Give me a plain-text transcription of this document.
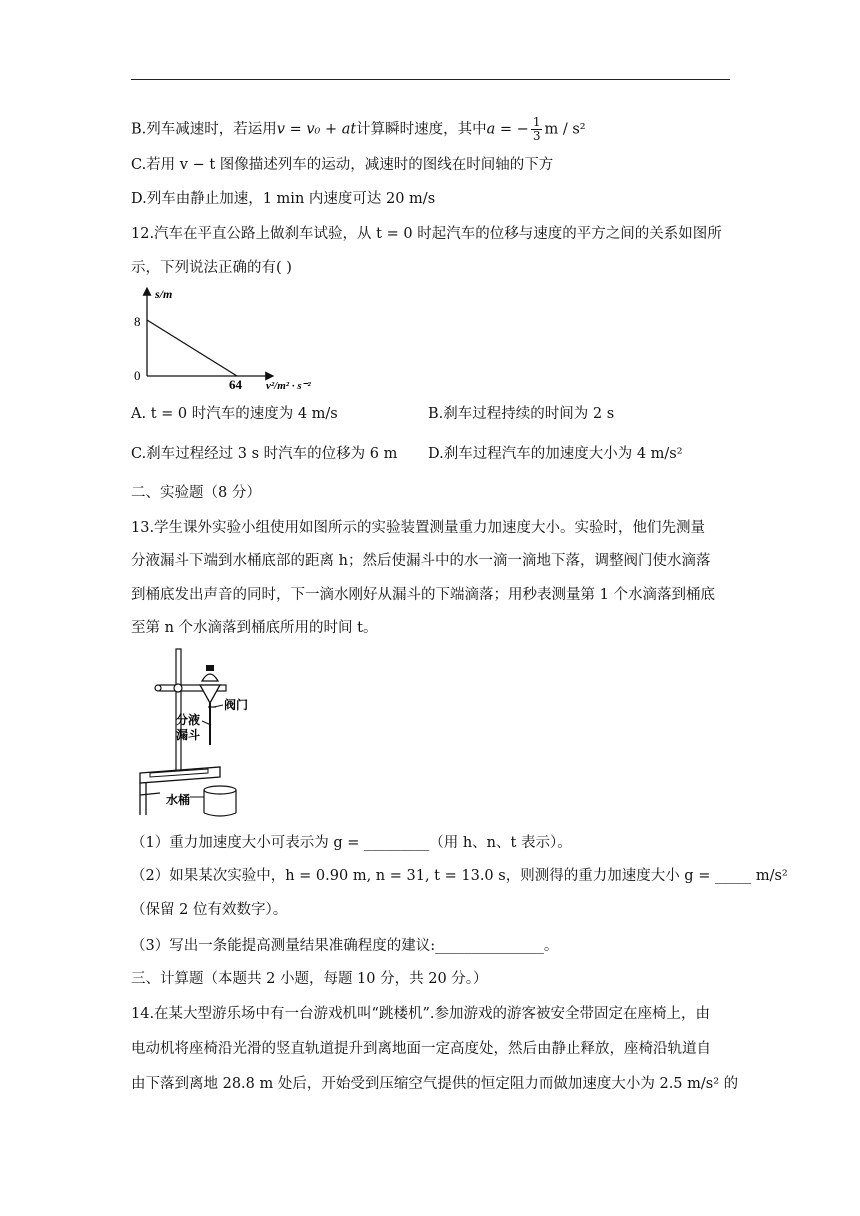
B.列车减速时，若运用v = v₀ + at计算瞬时速度，其中a = − $\frac{1}{3}$ m / s²
C.若用 v − t 图像描述列车的运动，减速时的图线在时间轴的下方
D.列车由静止加速，1 min 内速度可达 20 m/s
12.汽车在平直公路上做刹车试验，从 t = 0 时起汽车的位移与速度的平方之间的关系如图所
示，下列说法正确的有( )
s/m
8
0
64 v²/m² · s⁻²
A. t = 0 时汽车的速度为 4 m/s	B.刹车过程持续的时间为 2 s
C.刹车过程经过 3 s 时汽车的位移为 6 m D.刹车过程汽车的加速度大小为 4 m/s²
二、实验题（8 分）
13.学生课外实验小组使用如图所示的实验装置测量重力加速度大小。实验时，他们先测量
分液漏斗下端到水桶底部的距离 h；然后使漏斗中的水一滴一滴地下落，调整阀门使水滴落
到桶底发出声音的同时，下一滴水刚好从漏斗的下端滴落；用秒表测量第 1 个水滴落到桶底
至第 n 个水滴落到桶底所用的时间 t。
阀门
分液
漏斗
水桶
（1）重力加速度大小可表示为 g = _________（用 h、n、t 表示）。
（2）如果某次实验中，h = 0.90 m, n = 31, t = 13.0 s，则测得的重力加速度大小 g = _____ m/s²
（保留 2 位有效数字）。
（3）写出一条能提高测量结果准确程度的建议:_______________。
三、计算题（本题共 2 小题，每题 10 分，共 20 分。）
14.在某大型游乐场中有一台游戏机叫“跳楼机”.参加游戏的游客被安全带固定在座椅上，由
电动机将座椅沿光滑的竖直轨道提升到离地面一定高度处，然后由静止释放，座椅沿轨道自
由下落到离地 28.8 m 处后，开始受到压缩空气提供的恒定阻力而做加速度大小为 2.5 m/s² 的
